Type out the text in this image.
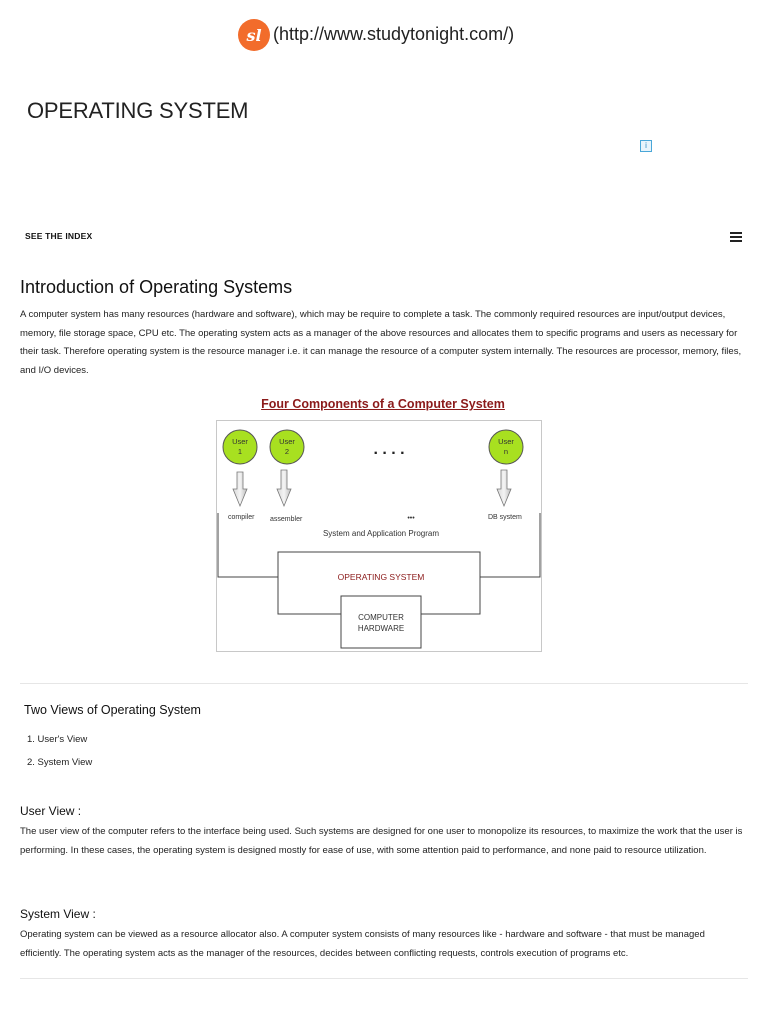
sl (http://www.studytonight.com/)
OPERATING SYSTEM
i
SEE THE INDEX
Introduction of Operating Systems

A computer system has many resources (hardware and software), which may be require to complete a task. The commonly required resources are input/output devices, memory, file storage space, CPU etc. The operating system acts as a manager of the above resources and allocates them to specific programs and users as necessary for their task. Therefore operating system is the resource manager i.e. it can manage the resource of a computer system internally. The resources are processor, memory, files, and I/O devices.

Four Components of a Computer System
User
1
User
2
User
n
. . . .
compiler assembler	•••	DB system
System and Application Program
OPERATING SYSTEM
COMPUTER
HARDWARE
Two Views of Operating System
1. User's View
2. System View
User View :

The user view of the computer refers to the interface being used. Such systems are designed for one user to monopolize its resources, to maximize the work that the user is performing. In these cases, the operating system is designed mostly for ease of use, with some attention paid to performance, and none paid to resource utilization.

System View :

Operating system can be viewed as a resource allocator also. A computer system consists of many resources like - hardware and software - that must be managed efficiently. The operating system acts as the manager of the resources, decides between conflicting requests, controls execution of programs etc.
